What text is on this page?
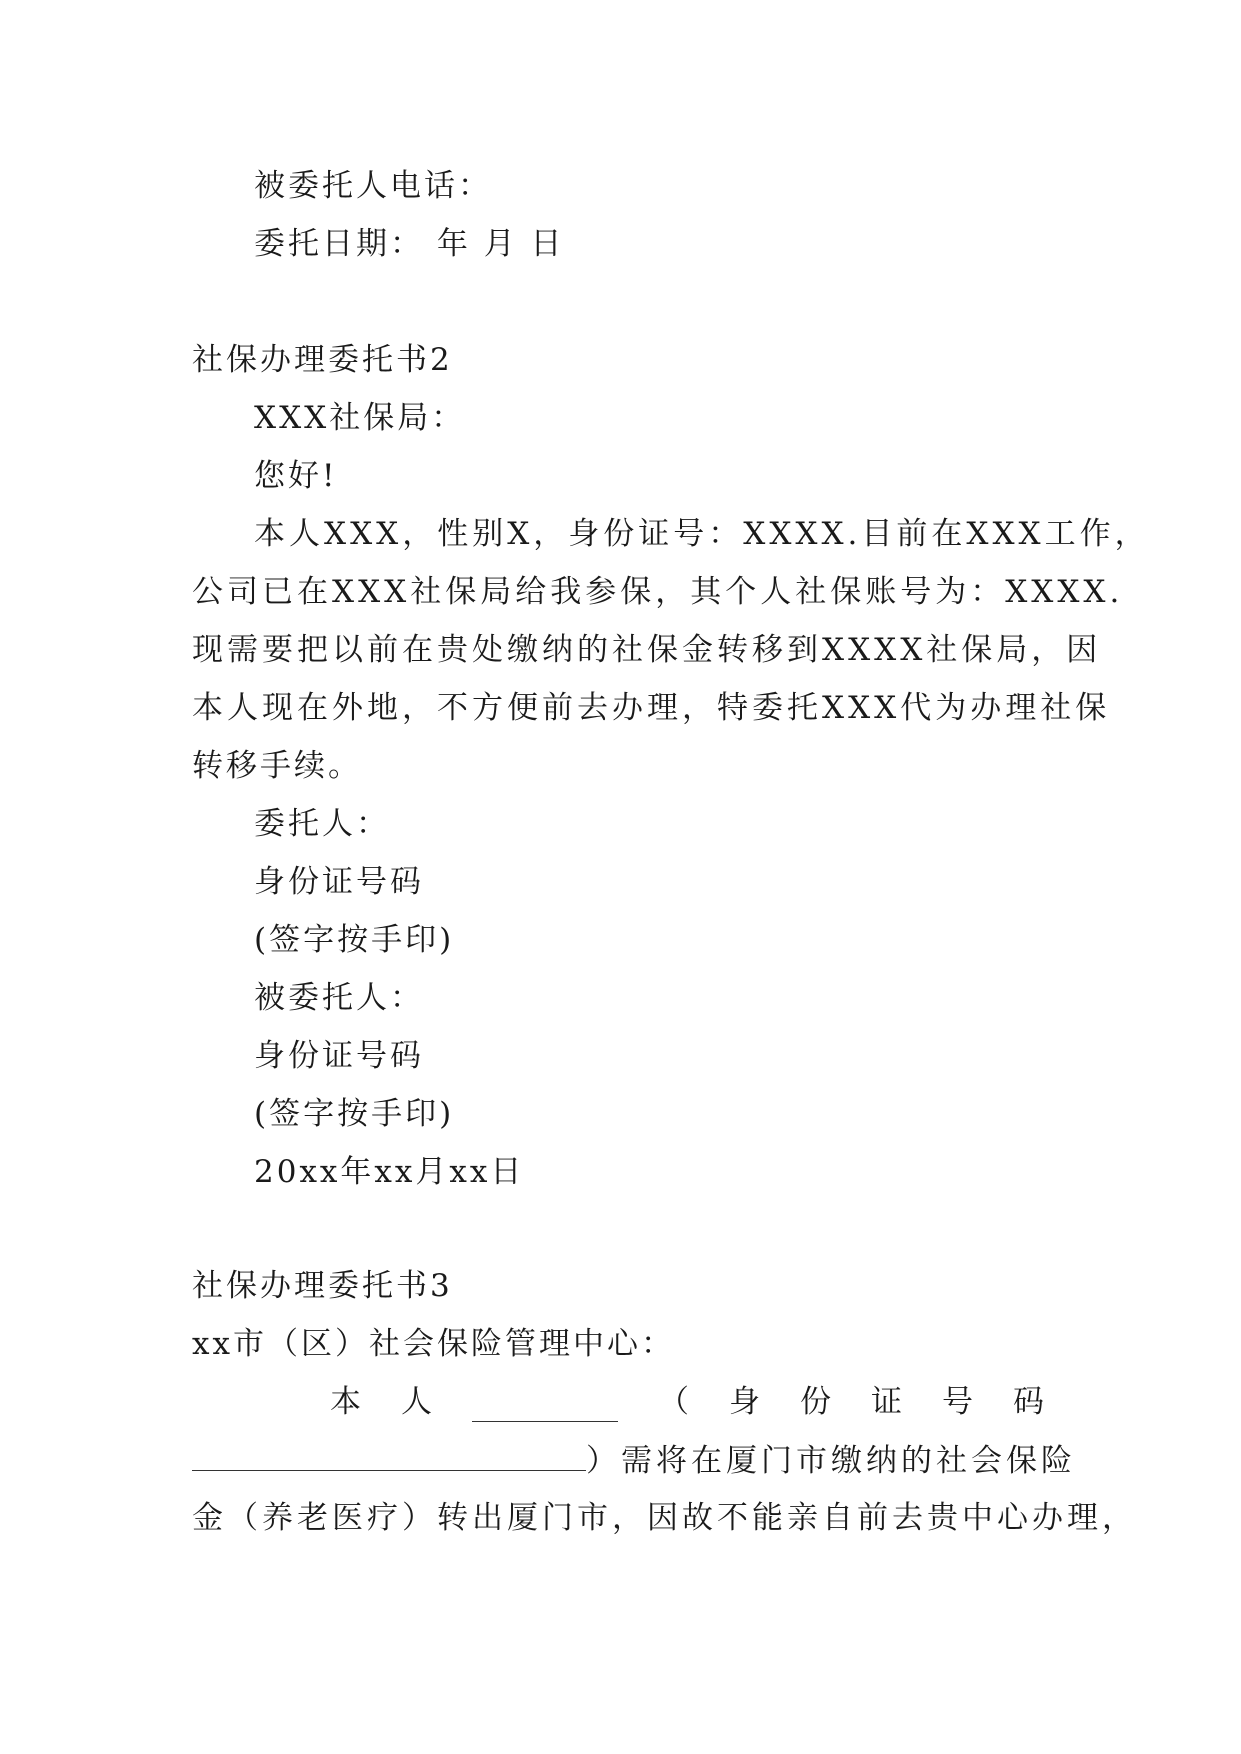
被委托人电话：
委托日期： 年 月 日
社保办理委托书2
XXX社保局：
您好!
本人XXX，性别X，身份证号：XXXX.目前在XXX工作，
公司已在XXX社保局给我参保，其个人社保账号为：XXXX.
现需要把以前在贵处缴纳的社保金转移到XXXX社保局，因
本人现在外地，不方便前去办理，特委托XXX代为办理社保
转移手续。
委托人：
身份证号码
(签字按手印)
被委托人：
身份证号码
(签字按手印)
20xx年xx月xx日
社保办理委托书3
xx市（区）社会保险管理中心：
本 人	（ 身 份 证 号 码
）需将在厦门市缴纳的社会保险
金（养老医疗）转出厦门市，因故不能亲自前去贵中心办理，
